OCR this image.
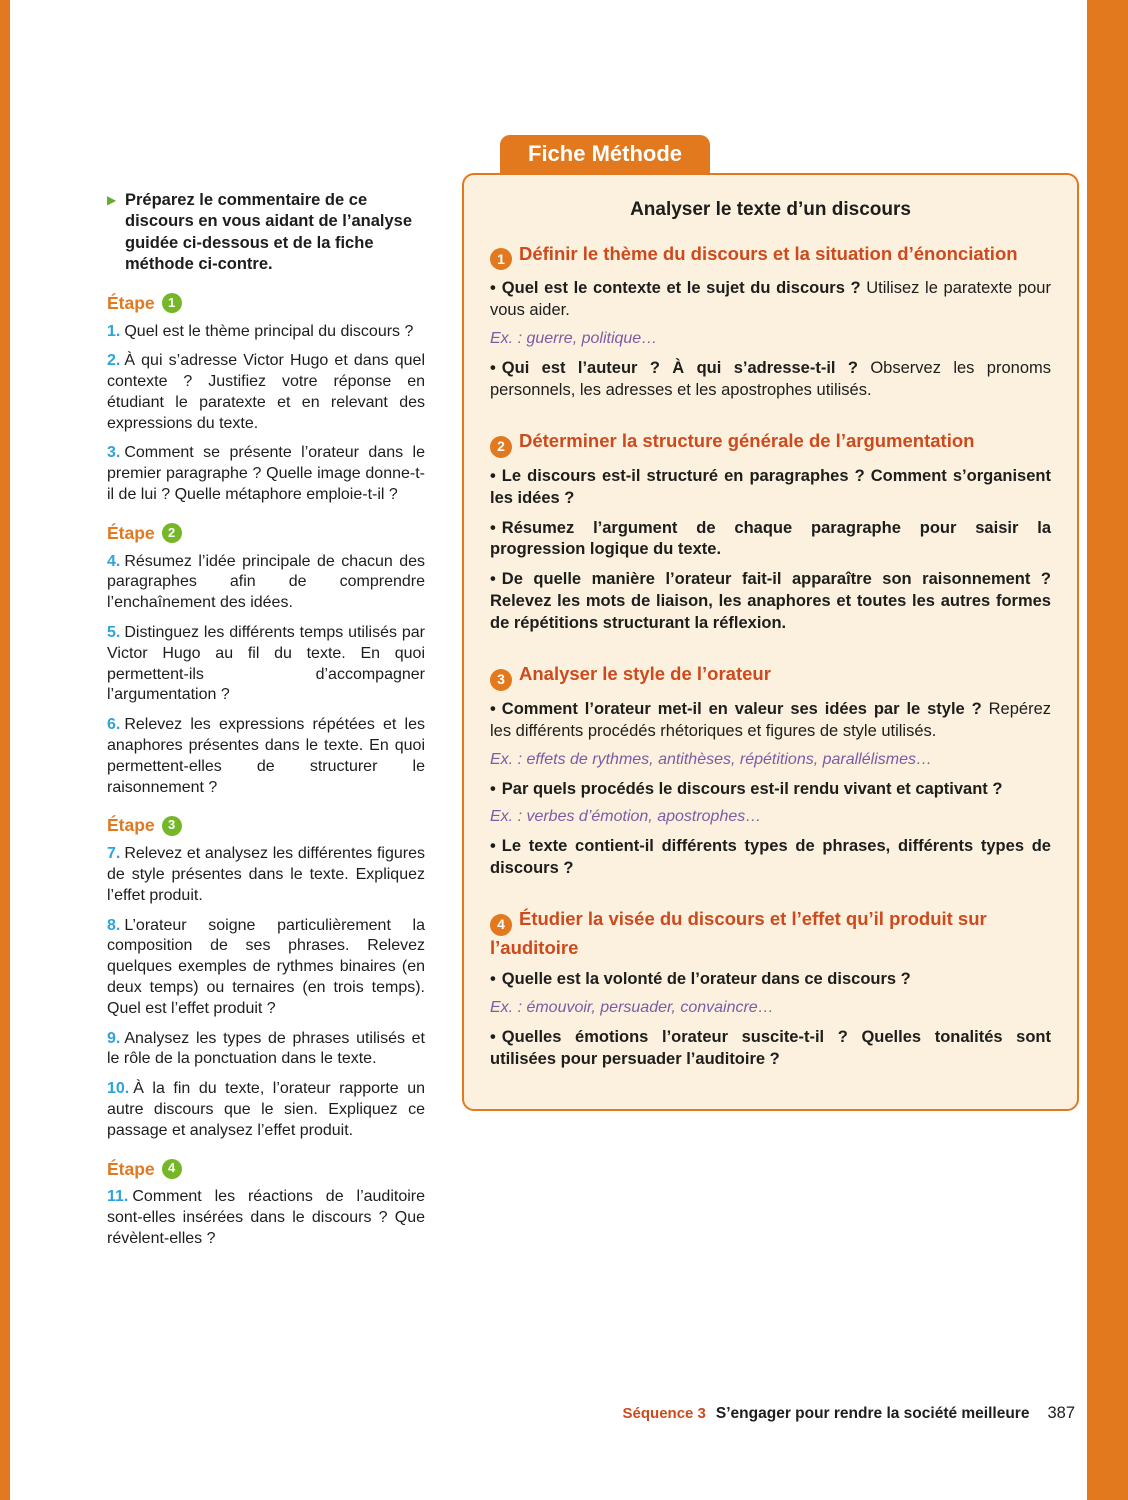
▶ Préparez le commentaire de ce discours en vous aidant de l’analyse guidée ci-dessous et de la fiche méthode ci-contre.

Étape	1

1. Quel est le thème principal du discours ?

2. À qui s’adresse Victor Hugo et dans quel contexte ? Justifiez votre réponse en étudiant le paratexte et en relevant des expressions du texte.

3. Comment se présente l’orateur dans le premier paragraphe ? Quelle image donne-t-il de lui ? Quelle métaphore emploie-t-il ?

Étape	2

4. Résumez l’idée principale de chacun des paragraphes afin de comprendre l’enchaînement des idées.

5. Distinguez les différents temps utilisés par Victor Hugo au fil du texte. En quoi permettent-ils d’accompagner l’argumentation ?

6. Relevez les expressions répétées et les anaphores présentes dans le texte. En quoi permettent-elles de structurer le raisonnement ?

Étape	3

7. Relevez et analysez les différentes figures de style présentes dans le texte. Expliquez l’effet produit.

8. L’orateur soigne particulièrement la composition de ses phrases. Relevez quelques exemples de rythmes binaires (en deux temps) ou ternaires (en trois temps). Quel est l’effet produit ?

9. Analysez les types de phrases utilisés et le rôle de la ponctuation dans le texte.

10. À la fin du texte, l’orateur rapporte un autre discours que le sien. Expliquez ce passage et analysez l’effet produit.

Étape	4

11. Comment les réactions de l’auditoire sont-elles insérées dans le discours ? Que révèlent-elles ?

Fiche Méthode
Analyser le texte d’un discours
1 Définir le thème du discours et la situation d’énonciation

• Quel est le contexte et le sujet du discours ? Utilisez le paratexte pour vous aider.

Ex. : guerre, politique…

• Qui est l’auteur ? À qui s’adresse-t-il ? Observez les pronoms personnels, les adresses et les apostrophes utilisés.

2 Déterminer la structure générale de l’argumentation

• Le discours est-il structuré en paragraphes ? Comment s’organisent les idées ?

• Résumez l’argument de chaque paragraphe pour saisir la progression logique du texte.

• De quelle manière l’orateur fait-il apparaître son raisonnement ? Relevez les mots de liaison, les anaphores et toutes les autres formes de répétitions structurant la réflexion.

3 Analyser le style de l’orateur

• Comment l’orateur met-il en valeur ses idées par le style ? Repérez les différents procédés rhétoriques et figures de style utilisés.

Ex. : effets de rythmes, antithèses, répétitions, parallélismes…

• Par quels procédés le discours est-il rendu vivant et captivant ?

Ex. : verbes d’émotion, apostrophes…

• Le texte contient-il différents types de phrases, différents types de discours ?

4 Étudier la visée du discours et l’effet qu’il produit sur l’auditoire

• Quelle est la volonté de l’orateur dans ce discours ?

Ex. : émouvoir, persuader, convaincre…

• Quelles émotions l’orateur suscite-t-il ? Quelles tonalités sont utilisées pour persuader l’auditoire ?

Séquence 3 S’engager pour rendre la société meilleure 387
